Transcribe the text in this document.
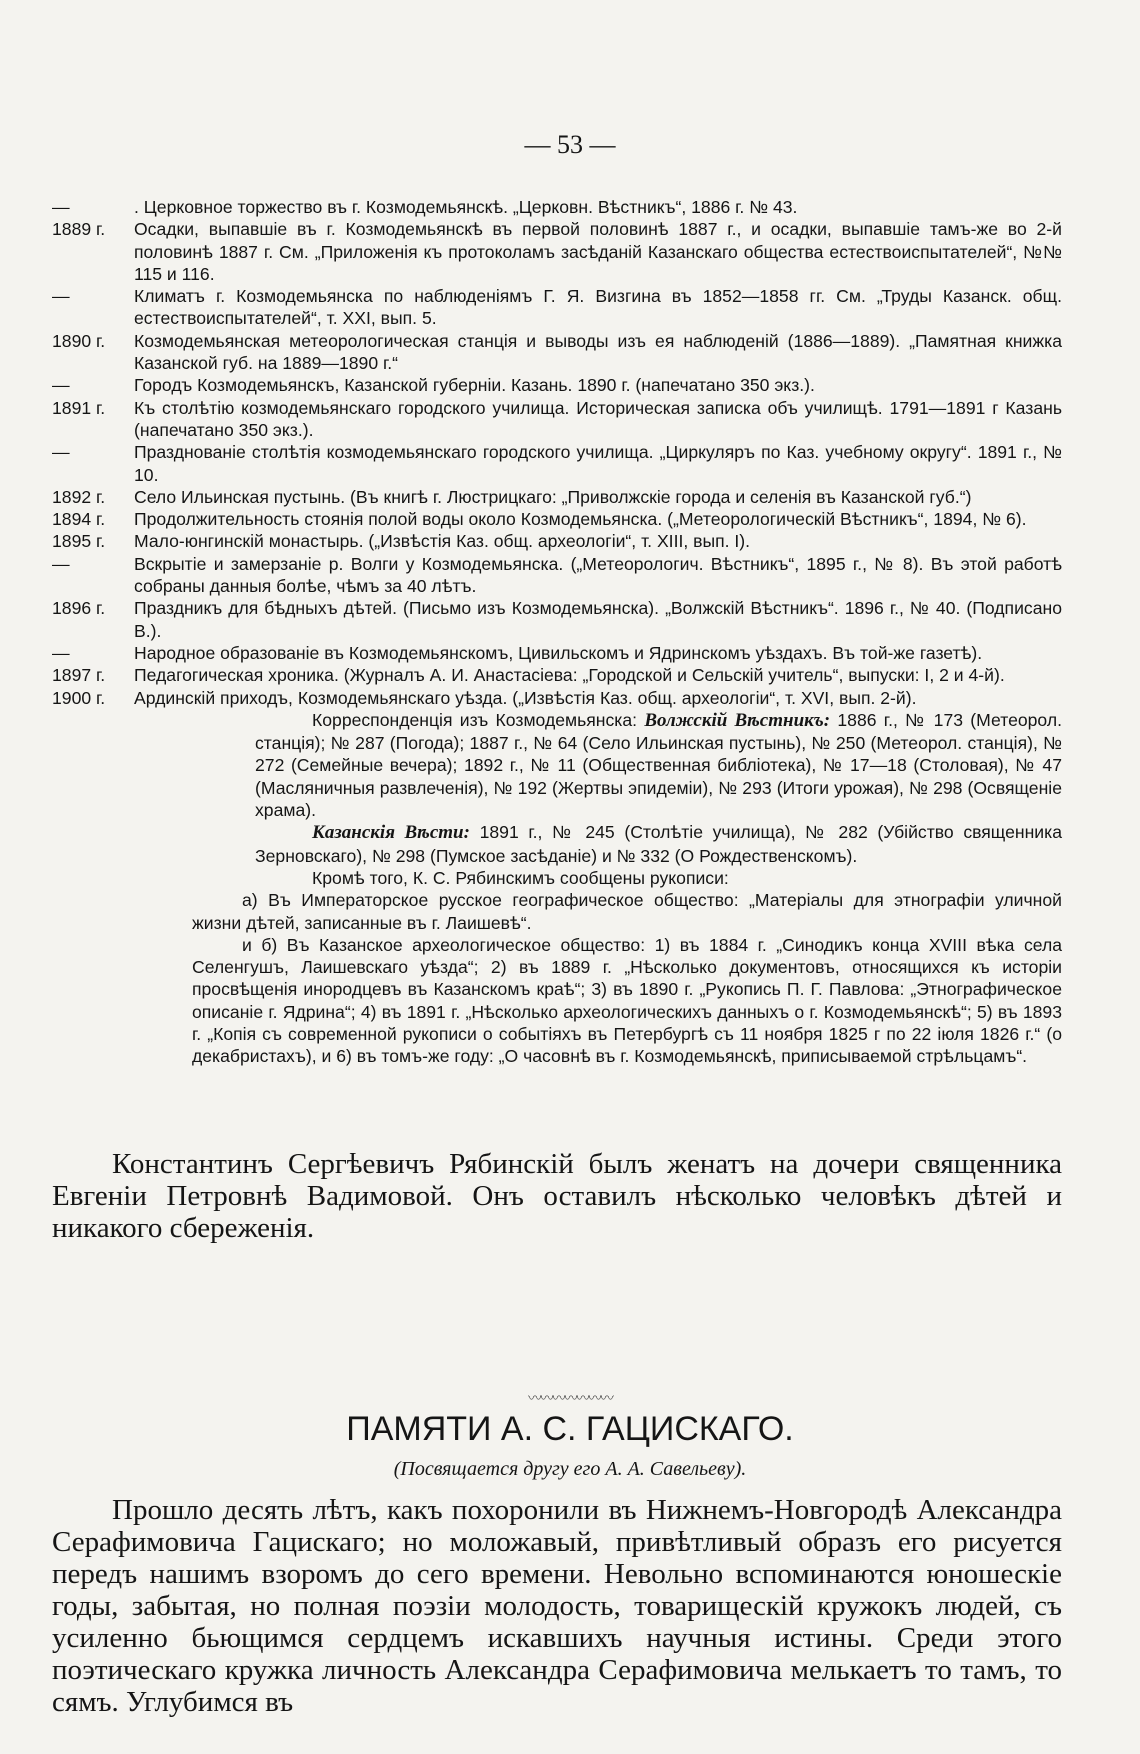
— 53 —
—	. Церковное торжество въ г. Козмодемьянскѣ. „Церковн. Вѣстникъ“, 1886 г. № 43.
1889 г.	Осадки, выпавшіе въ г. Козмодемьянскѣ въ первой половинѣ 1887 г., и осадки, выпавшіе тамъ-же во 2-й половинѣ 1887 г. См. „Приложенія къ протоколамъ засѣданій Казанскаго общества естествоиспытателей“, №№ 115 и 116.
—	Климатъ г. Козмодемьянска по наблюденіямъ Г. Я. Визгина въ 1852—1858 гг. См. „Труды Казанск. общ. естествоиспытателей“, т. XXI, вып. 5.
1890 г.	Козмодемьянская метеорологическая станція и выводы изъ ея наблюденій (1886—1889). „Памятная книжка Казанской губ. на 1889—1890 г.“
—	Городъ Козмодемьянскъ, Казанской губерніи. Казань. 1890 г. (напечатано 350 экз.).
1891 г.	Къ столѣтію козмодемьянскаго городского училища. Историческая записка объ училищѣ. 1791—1891 г Казань (напечатано 350 экз.).
—	Празднованіе столѣтія козмодемьянскаго городского училища. „Циркуляръ по Каз. учебному округу“. 1891 г., № 10.
1892 г.	Село Ильинская пустынь. (Въ книгѣ г. Люстрицкаго: „Приволжскіе города и селенія въ Казанской губ.“)
1894 г.	Продолжительность стоянія полой воды около Козмодемьянска. („Метеорологическій Вѣстникъ“, 1894, № 6).
1895 г.	Мало-юнгинскій монастырь. („Извѣстія Каз. общ. археологіи“, т. XIII, вып. I).
—	Вскрытіе и замерзаніе р. Волги у Козмодемьянска. („Метеорологич. Вѣстникъ“, 1895 г., № 8). Въ этой работѣ собраны данныя болѣе, чѣмъ за 40 лѣтъ.
1896 г.	Праздникъ для бѣдныхъ дѣтей. (Письмо изъ Козмодемьянска). „Волжскій Вѣстникъ“. 1896 г., № 40. (Подписано В.).
—	Народное образованіе въ Козмодемьянскомъ, Цивильскомъ и Ядринскомъ уѣздахъ. Въ той-же газетѣ).
1897 г.	Педагогическая хроника. (Журналъ А. И. Анастасіева: „Городской и Сельскій учитель“, выпуски: I, 2 и 4-й).
1900 г.	Ардинскій приходъ, Козмодемьянскаго уѣзда. („Извѣстія Каз. общ. археологіи“, т. XVI, вып. 2-й).
Корреспонденція изъ Козмодемьянска: Волжскій Вѣстникъ: 1886 г., № 173 (Метеорол. станція); № 287 (Погода); 1887 г., № 64 (Село Ильинская пустынь), № 250 (Метеорол. станція), № 272 (Семейные вечера); 1892 г., № 11 (Общественная библіотека), № 17—18 (Столовая), № 47 (Масляничныя развлеченія), № 192 (Жертвы эпидеміи), № 293 (Итоги урожая), № 298 (Освященіе храма).
Казанскія Вѣсти: 1891 г., № 245 (Столѣтіе училища), № 282 (Убійство священника Зерновскаго), № 298 (Пумское засѣданіе) и № 332 (О Рождественскомъ).
Кромѣ того, К. С. Рябинскимъ сообщены рукописи:
а) Въ Императорское русское географическое общество: „Матеріалы для этнографіи уличной жизни дѣтей, записанные въ г. Лаишевѣ“.
и б) Въ Казанское археологическое общество: 1) въ 1884 г. „Синодикъ конца XVIII вѣка села Селенгушъ, Лаишевскаго уѣзда“; 2) въ 1889 г. „Нѣсколько документовъ, относящихся къ исторіи просвѣщенія инородцевъ въ Казанскомъ краѣ“; 3) въ 1890 г. „Рукопись П. Г. Павлова: „Этнографическое описаніе г. Ядрина“; 4) въ 1891 г. „Нѣсколько археологическихъ данныхъ о г. Козмодемьянскѣ“; 5) въ 1893 г. „Копія съ современной рукописи о событіяхъ въ Петербургѣ съ 11 ноября 1825 г по 22 іюля 1826 г.“ (о декабристахъ), и 6) въ томъ-же году: „О часовнѣ въ г. Козмодемьянскѣ, приписываемой стрѣльцамъ“.

Константинъ Сергѣевичъ Рябинскій былъ женатъ на дочери священника Евгеніи Петровнѣ Вадимовой. Онъ оставилъ нѣсколько человѣкъ дѣтей и никакого сбереженія.

〰〰〰〰〰〰〰
ПАМЯТИ А. С. ГАЦИСКАГО.
(Посвящается другу его А. А. Савельеву).

Прошло десять лѣтъ, какъ похоронили въ Нижнемъ-Новгородѣ Александра Серафимовича Гацискаго; но моложавый, привѣтливый образъ его рисуется передъ нашимъ взоромъ до сего времени. Невольно вспоминаются юношескіе годы, забытая, но полная поэзіи молодость, товарищескій кружокъ людей, съ усиленно бьющимся сердцемъ искавшихъ научныя истины. Среди этого поэтическаго кружка личность Александра Серафимовича мелькаетъ то тамъ, то сямъ. Углубимся въ
